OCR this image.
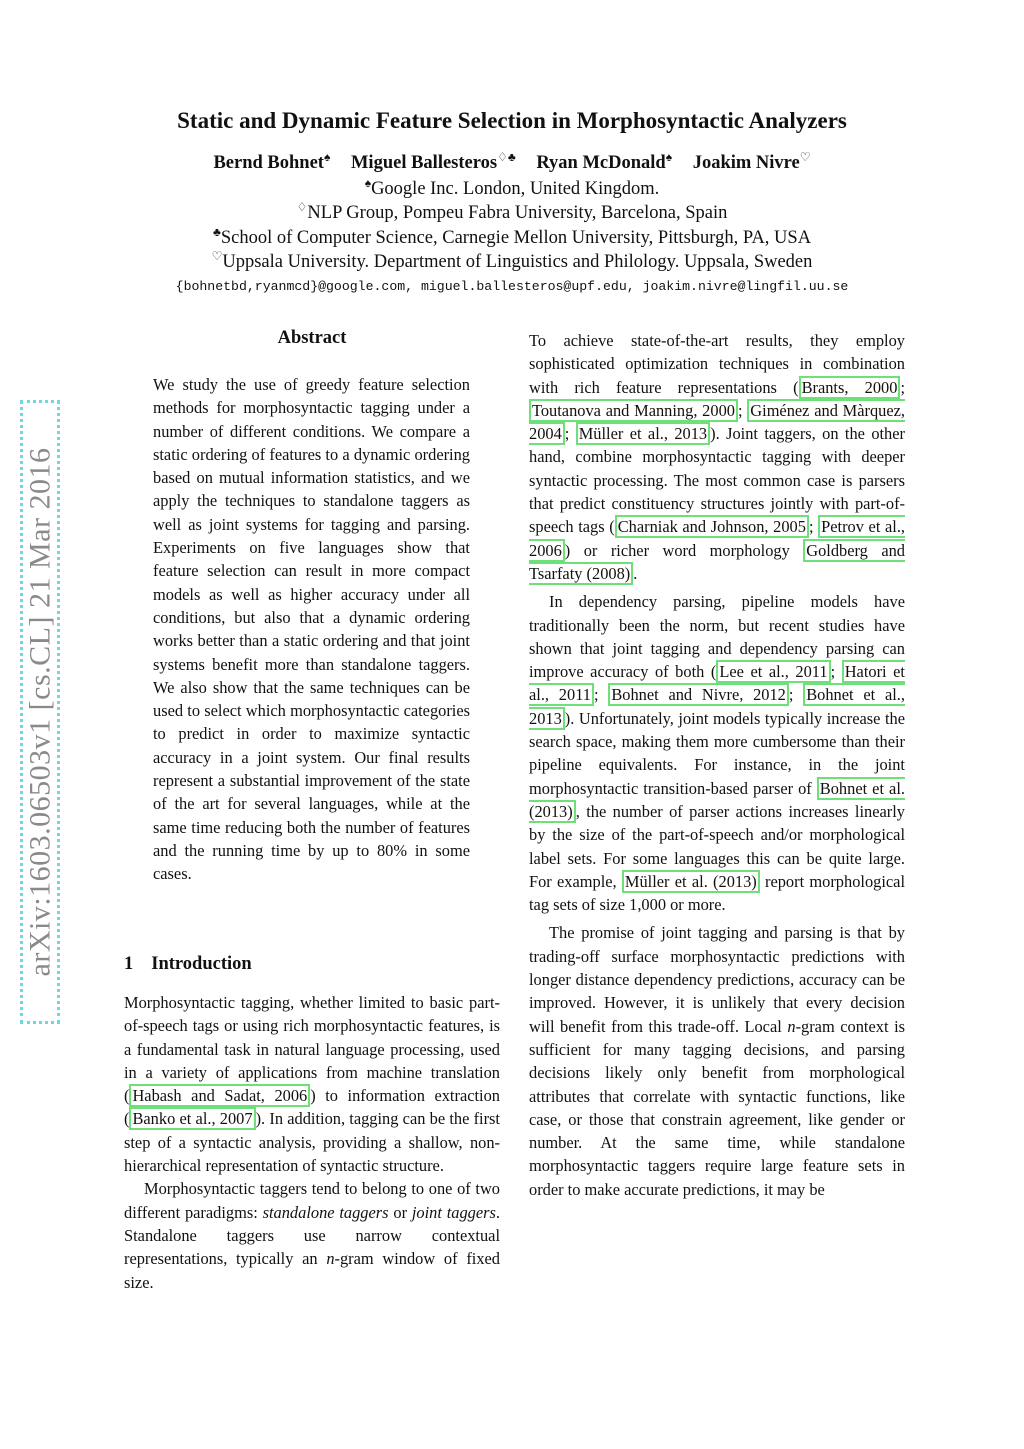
arXiv:1603.06503v1 [cs.CL] 21 Mar 2016
Static and Dynamic Feature Selection in Morphosyntactic Analyzers
Bernd Bohnet♠ Miguel Ballesteros♢♣ Ryan McDonald♠ Joakim Nivre♡
♠Google Inc. London, United Kingdom.
♢NLP Group, Pompeu Fabra University, Barcelona, Spain
♣School of Computer Science, Carnegie Mellon University, Pittsburgh, PA, USA
♡Uppsala University. Department of Linguistics and Philology. Uppsala, Sweden
{bohnetbd,ryanmcd}@google.com, miguel.ballesteros@upf.edu, joakim.nivre@lingfil.uu.se
Abstract

We study the use of greedy feature selection methods for morphosyntactic tagging under a number of different conditions. We compare a static ordering of features to a dynamic ordering based on mutual information statistics, and we apply the techniques to standalone taggers as well as joint systems for tagging and parsing. Experiments on five languages show that feature selection can result in more compact models as well as higher accuracy under all conditions, but also that a dynamic ordering works better than a static ordering and that joint systems benefit more than standalone taggers. We also show that the same techniques can be used to select which morphosyntactic categories to predict in order to maximize syntactic accuracy in a joint system. Our final results represent a substantial improvement of the state of the art for several languages, while at the same time reducing both the number of features and the running time by up to 80% in some cases.

1 Introduction

Morphosyntactic tagging, whether limited to basic part-of-speech tags or using rich morphosyntactic features, is a fundamental task in natural language processing, used in a variety of applications from machine translation ( Habash and Sadat, 2006 ) to information extraction ( Banko et al., 2007 ). In addition, tagging can be the first step of a syntactic analysis, providing a shallow, non-hierarchical representation of syntactic structure.

Morphosyntactic taggers tend to belong to one of two different paradigms: standalone taggers or joint taggers. Standalone taggers use narrow contextual representations, typically an n-gram window of fixed size.

To achieve state-of-the-art results, they employ sophisticated optimization techniques in combination with rich feature representations ( Brants, 2000 ; Toutanova and Manning, 2000 ; Giménez and Màrquez, 2004 ; Müller et al., 2013 ). Joint taggers, on the other hand, combine morphosyntactic tagging with deeper syntactic processing. The most common case is parsers that predict constituency structures jointly with part-of-speech tags ( Charniak and Johnson, 2005 ; Petrov et al., 2006 ) or richer word morphology Goldberg and Tsarfaty (2008) .

In dependency parsing, pipeline models have traditionally been the norm, but recent studies have shown that joint tagging and dependency parsing can improve accuracy of both ( Lee et al., 2011 ; Hatori et al., 2011 ; Bohnet and Nivre, 2012 ; Bohnet et al., 2013 ). Unfortunately, joint models typically increase the search space, making them more cumbersome than their pipeline equivalents. For instance, in the joint morphosyntactic transition-based parser of Bohnet et al. (2013) , the number of parser actions increases linearly by the size of the part-of-speech and/or morphological label sets. For some languages this can be quite large. For example, Müller et al. (2013) report morphological tag sets of size 1,000 or more.

The promise of joint tagging and parsing is that by trading-off surface morphosyntactic predictions with longer distance dependency predictions, accuracy can be improved. However, it is unlikely that every decision will benefit from this trade-off. Local n-gram context is sufficient for many tagging decisions, and parsing decisions likely only benefit from morphological attributes that correlate with syntactic functions, like case, or those that constrain agreement, like gender or number. At the same time, while standalone morphosyntactic taggers require large feature sets in order to make accurate predictions, it may be
